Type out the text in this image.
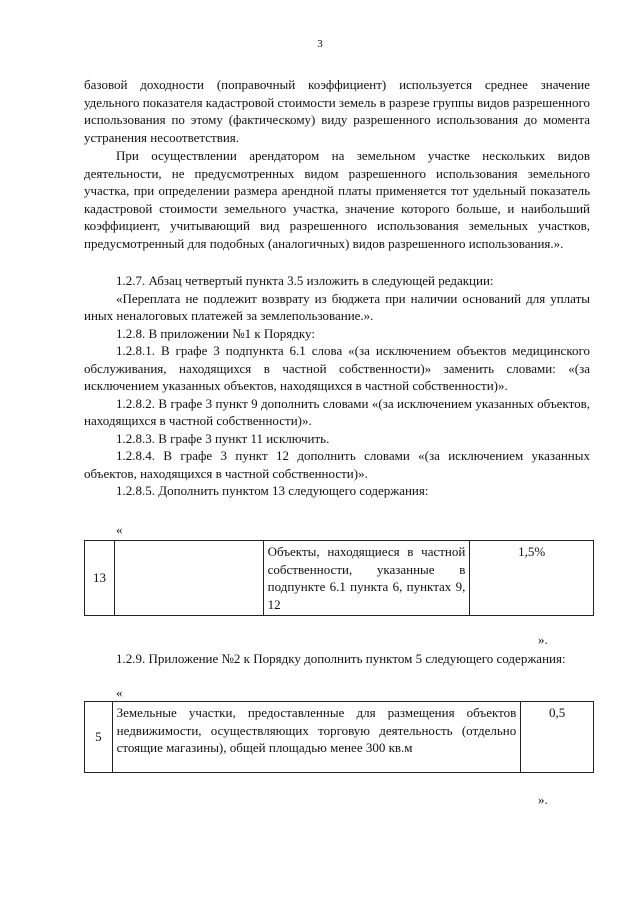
3

базовой доходности (поправочный коэффициент) используется среднее значение удельного показателя кадастровой стоимости земель в разрезе группы видов разрешенного использования по этому (фактическому) виду разрешенного использования до момента устранения несоответствия.

При осуществлении арендатором на земельном участке нескольких видов деятельности, не предусмотренных видом разрешенного использования земельного участка, при определении размера арендной платы применяется тот удельный показатель кадастровой стоимости земельного участка, значение которого больше, и наибольший коэффициент, учитывающий вид разрешенного использования земельных участков, предусмотренный для подобных (аналогичных) видов разрешенного использования.».

1.2.7. Абзац четвертый пункта 3.5 изложить в следующей редакции:

«Переплата не подлежит возврату из бюджета при наличии оснований для уплаты иных неналоговых платежей за землепользование.».

1.2.8. В приложении №1 к Порядку:

1.2.8.1. В графе 3 подпункта 6.1 слова «(за исключением объектов медицинского обслуживания, находящихся в частной собственности)» заменить словами: «(за исключением указанных объектов, находящихся в частной собственности)».

1.2.8.2. В графе 3 пункт 9 дополнить словами «(за исключением указанных объектов, находящихся в частной собственности)».

1.2.8.3. В графе 3 пункт 11 исключить.

1.2.8.4. В графе 3 пункт 12 дополнить словами «(за исключением указанных объектов, находящихся в частной собственности)».

1.2.8.5. Дополнить пунктом 13 следующего содержания:

«
13		Объекты, находящиеся в частной собственности, указанные в подпункте 6.1 пункта 6, пунктах 9, 12	1,5%
».

1.2.9. Приложение №2 к Порядку дополнить пунктом 5 следующего содержания:

«
5	Земельные участки, предоставленные для размещения объектов недвижимости, осуществляющих торговую деятельность (отдельно стоящие магазины), общей площадью менее 300 кв.м	0,5
».
